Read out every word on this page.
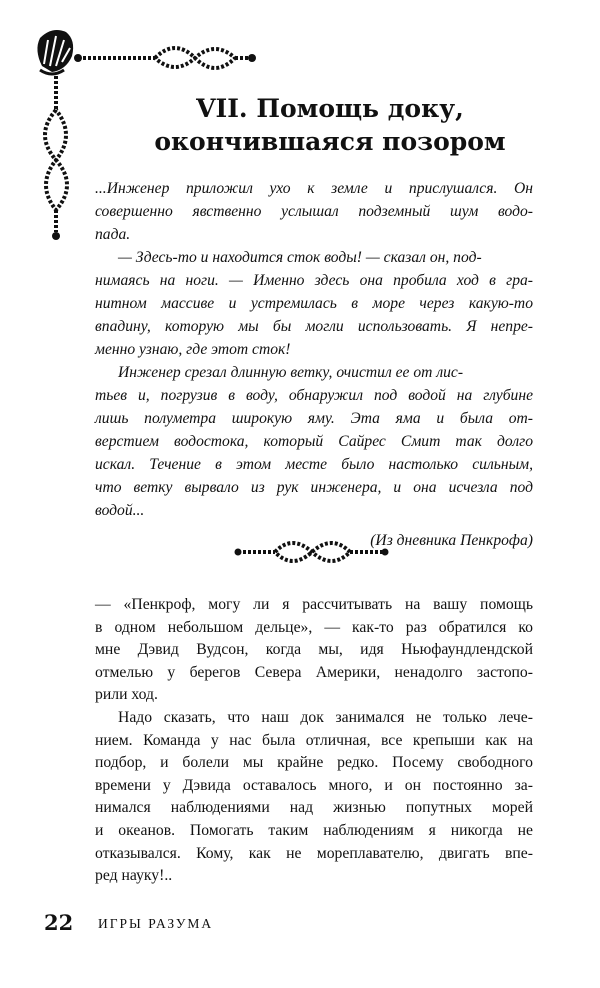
VII. Помощь доку,
окончившаяся позором
...Инженер приложил ухо к земле и прислушался. Он
совершенно явственно услышал подземный шум водо-
пада.
— Здесь-то и находится сток воды! — сказал он, под-
нимаясь на ноги. — Именно здесь она пробила ход в гра-
нитном массиве и устремилась в море через какую-то
впадину, которую мы бы могли использовать. Я непре-
менно узнаю, где этот сток!
Инженер срезал длинную ветку, очистил ее от лис-
тьев и, погрузив в воду, обнаружил под водой на глубине
лишь полуметра широкую яму. Эта яма и была от-
верстием водостока, который Сайрес Смит так долго
искал. Течение в этом месте было настолько сильным,
что ветку вырвало из рук инженера, и она исчезла под
водой...
(Из дневника Пенкрофа)
— «Пенкроф, могу ли я рассчитывать на вашу помощь
в одном небольшом дельце», — как-то раз обратился ко
мне Дэвид Вудсон, когда мы, идя Ньюфаундлендской
отмелью у берегов Севера Америки, ненадолго застопо-
рили ход.
Надо сказать, что наш док занимался не только лече-
нием. Команда у нас была отличная, все крепыши как на
подбор, и болели мы крайне редко. Посему свободного
времени у Дэвида оставалось много, и он постоянно за-
нимался наблюдениями над жизнью попутных морей
и океанов. Помогать таким наблюдениям я никогда не
отказывался. Кому, как не мореплавателю, двигать впе-
ред науку!..
22 ИГРЫ РАЗУМА
